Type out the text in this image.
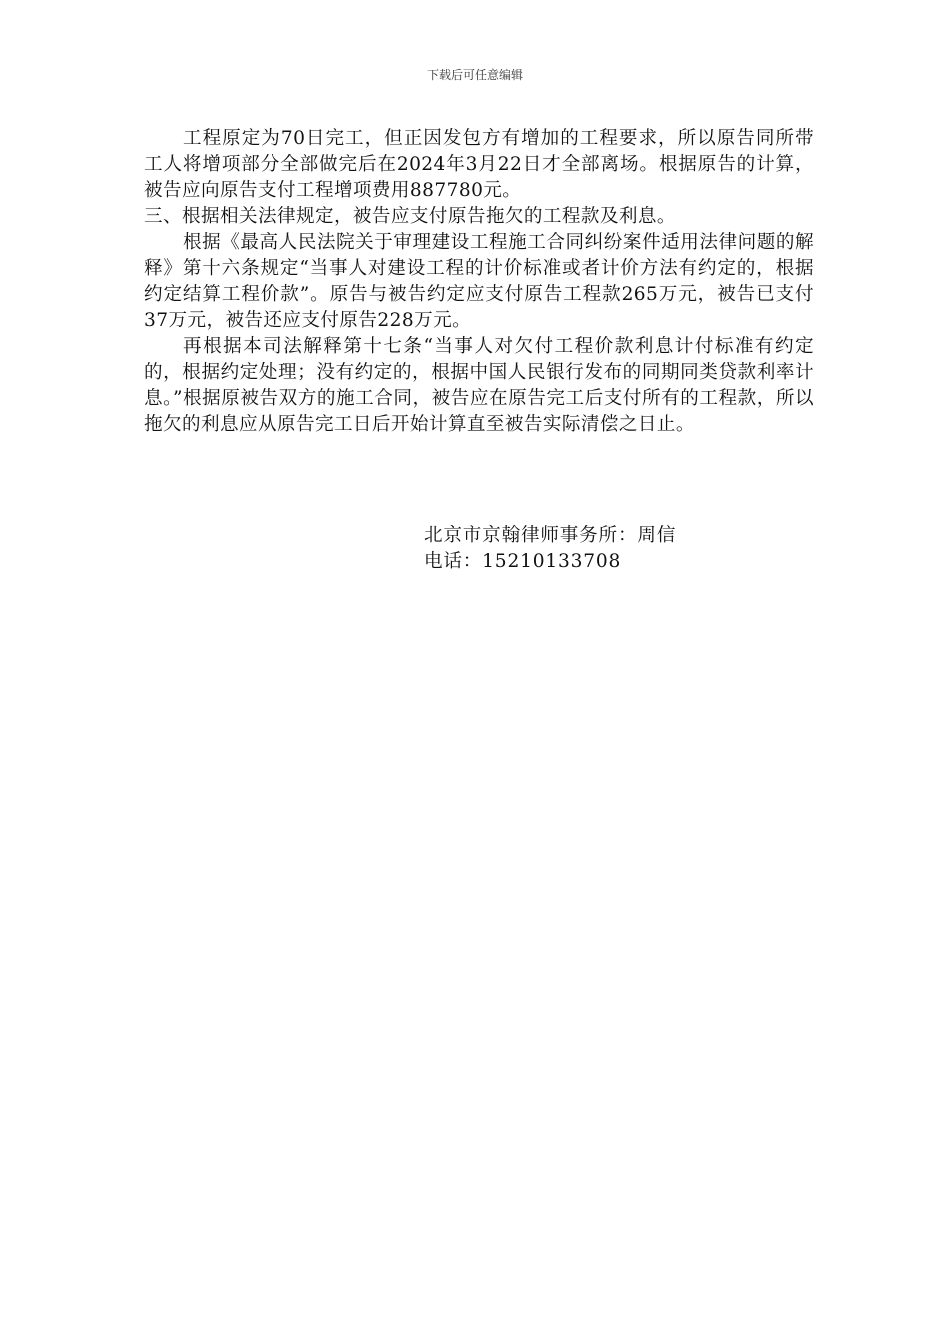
下载后可任意编辑

工程原定为70日完工，但正因发包方有增加的工程要求，所以原告同所带工人将增项部分全部做完后在2024年3月22日才全部离场。根据原告的计算，被告应向原告支付工程增项费用887780元。

三、根据相关法律规定，被告应支付原告拖欠的工程款及利息。

根据《最高人民法院关于审理建设工程施工合同纠纷案件适用法律问题的解释》第十六条规定“当事人对建设工程的计价标准或者计价方法有约定的，根据约定结算工程价款”。原告与被告约定应支付原告工程款265万元，被告已支付37万元，被告还应支付原告228万元。

再根据本司法解释第十七条“当事人对欠付工程价款利息计付标准有约定的，根据约定处理；没有约定的，根据中国人民银行发布的同期同类贷款利率计息。”根据原被告双方的施工合同，被告应在原告完工后支付所有的工程款，所以拖欠的利息应从原告完工日后开始计算直至被告实际清偿之日止。

北京市京翰律师事务所：周信

电话：15210133708
